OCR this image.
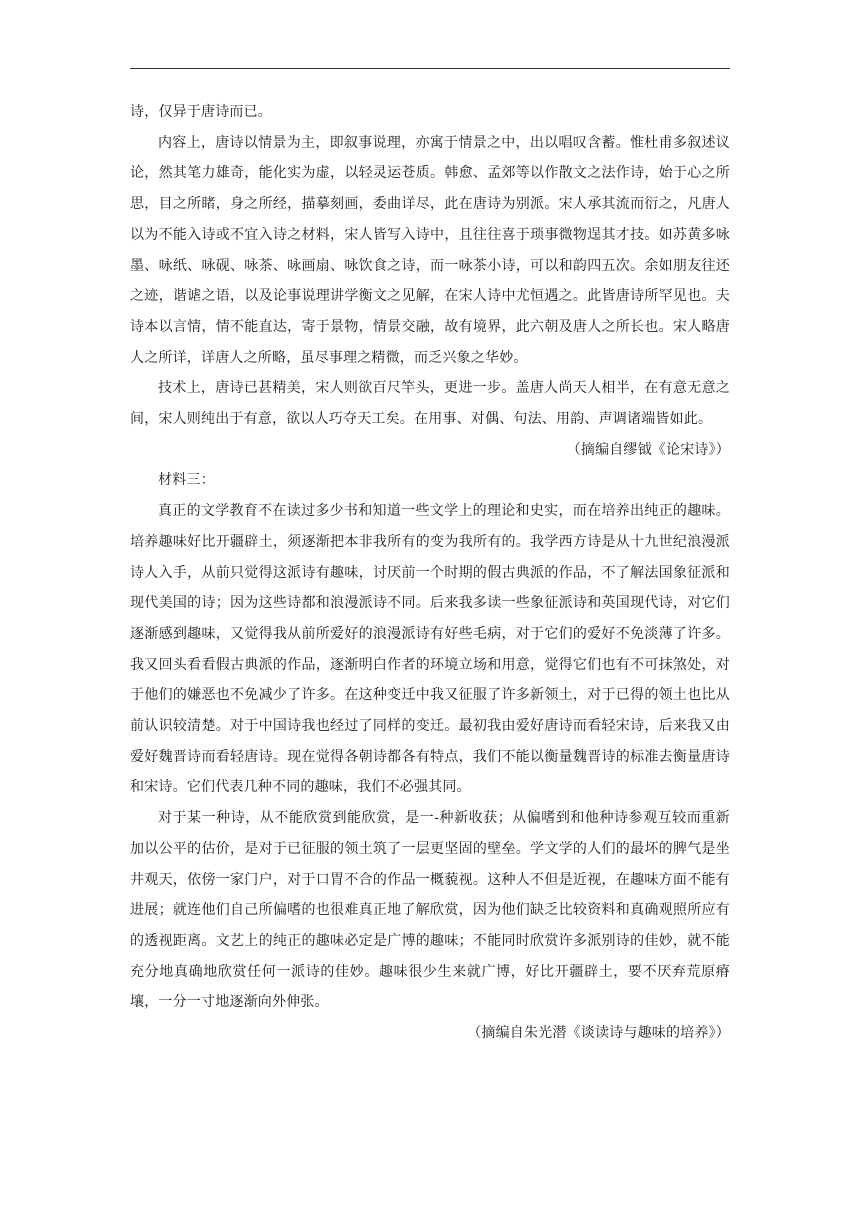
诗，仅异于唐诗而已。

内容上，唐诗以情景为主，即叙事说理，亦寓于情景之中，出以唱叹含蓄。惟杜甫多叙述议论，然其笔力雄奇，能化实为虚，以轻灵运苍质。韩愈、孟郊等以作散文之法作诗，始于心之所思，目之所睹，身之所经，描摹刻画，委曲详尽，此在唐诗为别派。宋人承其流而衍之，凡唐人以为不能入诗或不宜入诗之材料，宋人皆写入诗中，且往往喜于琐事微物逞其才技。如苏黄多咏墨、咏纸、咏砚、咏茶、咏画扇、咏饮食之诗，而一咏茶小诗，可以和韵四五次。余如朋友往还之迹，谐谑之语，以及论事说理讲学衡文之见解，在宋人诗中尤恒遇之。此皆唐诗所罕见也。夫诗本以言情，情不能直达，寄于景物，情景交融，故有境界，此六朝及唐人之所长也。宋人略唐人之所详，详唐人之所略，虽尽事理之精微，而乏兴象之华妙。

技术上，唐诗已甚精美，宋人则欲百尺竿头，更进一步。盖唐人尚天人相半，在有意无意之间，宋人则纯出于有意，欲以人巧夺天工矣。在用事、对偶、句法、用韵、声调诸端皆如此。

（摘编自缪钺《论宋诗》）

材料三：

真正的文学教育不在读过多少书和知道一些文学上的理论和史实，而在培养出纯正的趣味。培养趣味好比开疆辟土，须逐渐把本非我所有的变为我所有的。我学西方诗是从十九世纪浪漫派诗人入手，从前只觉得这派诗有趣味，讨厌前一个时期的假古典派的作品，不了解法国象征派和现代美国的诗；因为这些诗都和浪漫派诗不同。后来我多读一些象征派诗和英国现代诗，对它们逐渐感到趣味，又觉得我从前所爱好的浪漫派诗有好些毛病，对于它们的爱好不免淡薄了许多。我又回头看看假古典派的作品，逐渐明白作者的环境立场和用意，觉得它们也有不可抹煞处，对于他们的嫌恶也不免减少了许多。在这种变迁中我又征服了许多新领土，对于已得的领土也比从前认识较清楚。对于中国诗我也经过了同样的变迁。最初我由爱好唐诗而看轻宋诗，后来我又由爱好魏晋诗而看轻唐诗。现在觉得各朝诗都各有特点，我们不能以衡量魏晋诗的标准去衡量唐诗和宋诗。它们代表几种不同的趣味，我们不必强其同。

对于某一种诗，从不能欣赏到能欣赏，是一-种新收获；从偏嗜到和他种诗参观互较而重新加以公平的估价，是对于已征服的领土筑了一层更坚固的壁垒。学文学的人们的最坏的脾气是坐井观天，依傍一家门户，对于口胃不合的作品一概藐视。这种人不但是近视，在趣味方面不能有进展；就连他们自己所偏嗜的也很难真正地了解欣赏，因为他们缺乏比较资料和真确观照所应有的透视距离。文艺上的纯正的趣味必定是广博的趣味；不能同时欣赏许多派别诗的佳妙，就不能充分地真确地欣赏任何一派诗的佳妙。趣味很少生来就广博，好比开疆辟土，要不厌弃荒原瘠壤，一分一寸地逐渐向外伸张。

（摘编自朱光潜《谈读诗与趣味的培养》）
